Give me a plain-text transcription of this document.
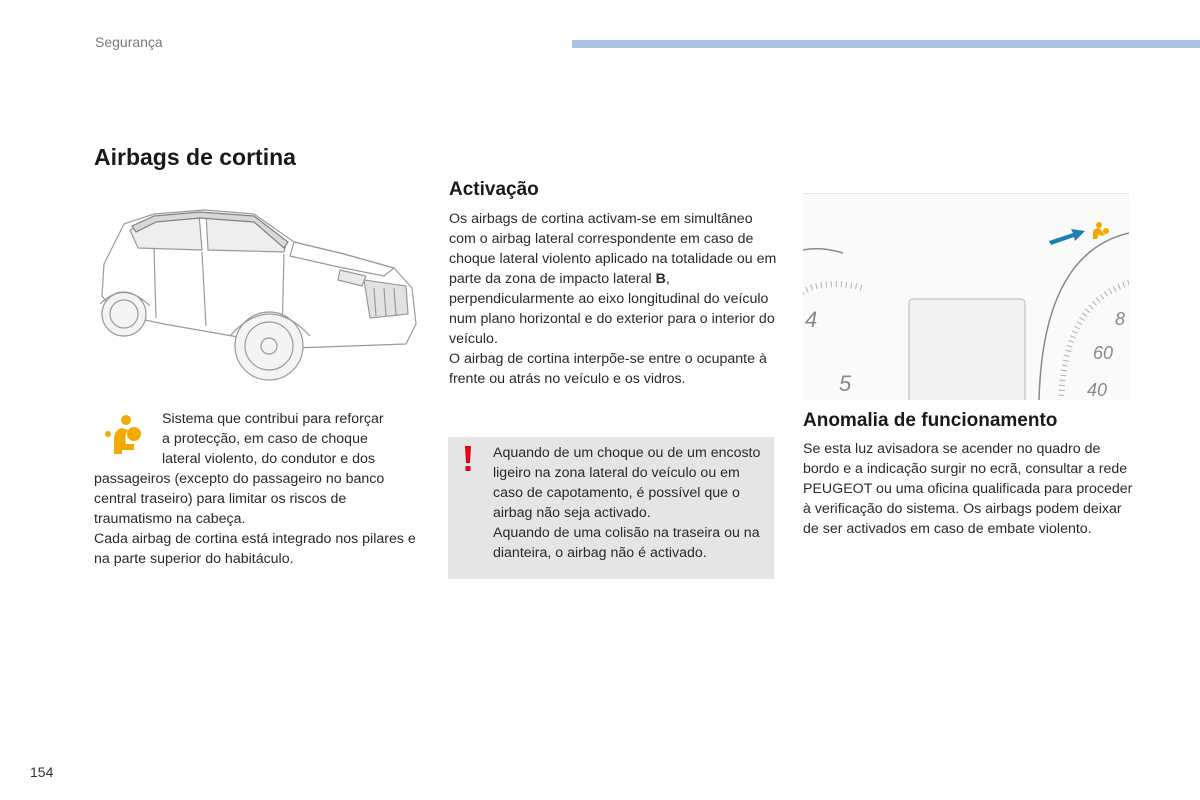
Segurança
Airbags de cortina
Sistema que contribui para reforçar
a protecção, em caso de choque
lateral violento, do condutor e dos
passageiros (excepto do passageiro no banco central traseiro) para limitar os riscos de traumatismo na cabeça.
Cada airbag de cortina está integrado nos pilares e na parte superior do habitáculo.
Activação
Os airbags de cortina activam-se em simultâneo com o airbag lateral correspondente em caso de choque lateral violento aplicado na totalidade ou em parte da zona de impacto lateral B, perpendicularmente ao eixo longitudinal do veículo num plano horizontal e do exterior para o interior do veículo.
O airbag de cortina interpõe-se entre o ocupante à frente ou atrás no veículo e os vidros.
Aquando de um choque ou de um encosto ligeiro na zona lateral do veículo ou em caso de capotamento, é possível que o airbag não seja activado.
Aquando de uma colisão na traseira ou na dianteira, o airbag não é activado.
4
5
8
60
40
Anomalia de funcionamento
Se esta luz avisadora se acender no quadro de bordo e a indicação surgir no ecrã, consultar a rede PEUGEOT ou uma oficina qualificada para proceder à verificação do sistema. Os airbags podem deixar de ser activados em caso de embate violento.
154
